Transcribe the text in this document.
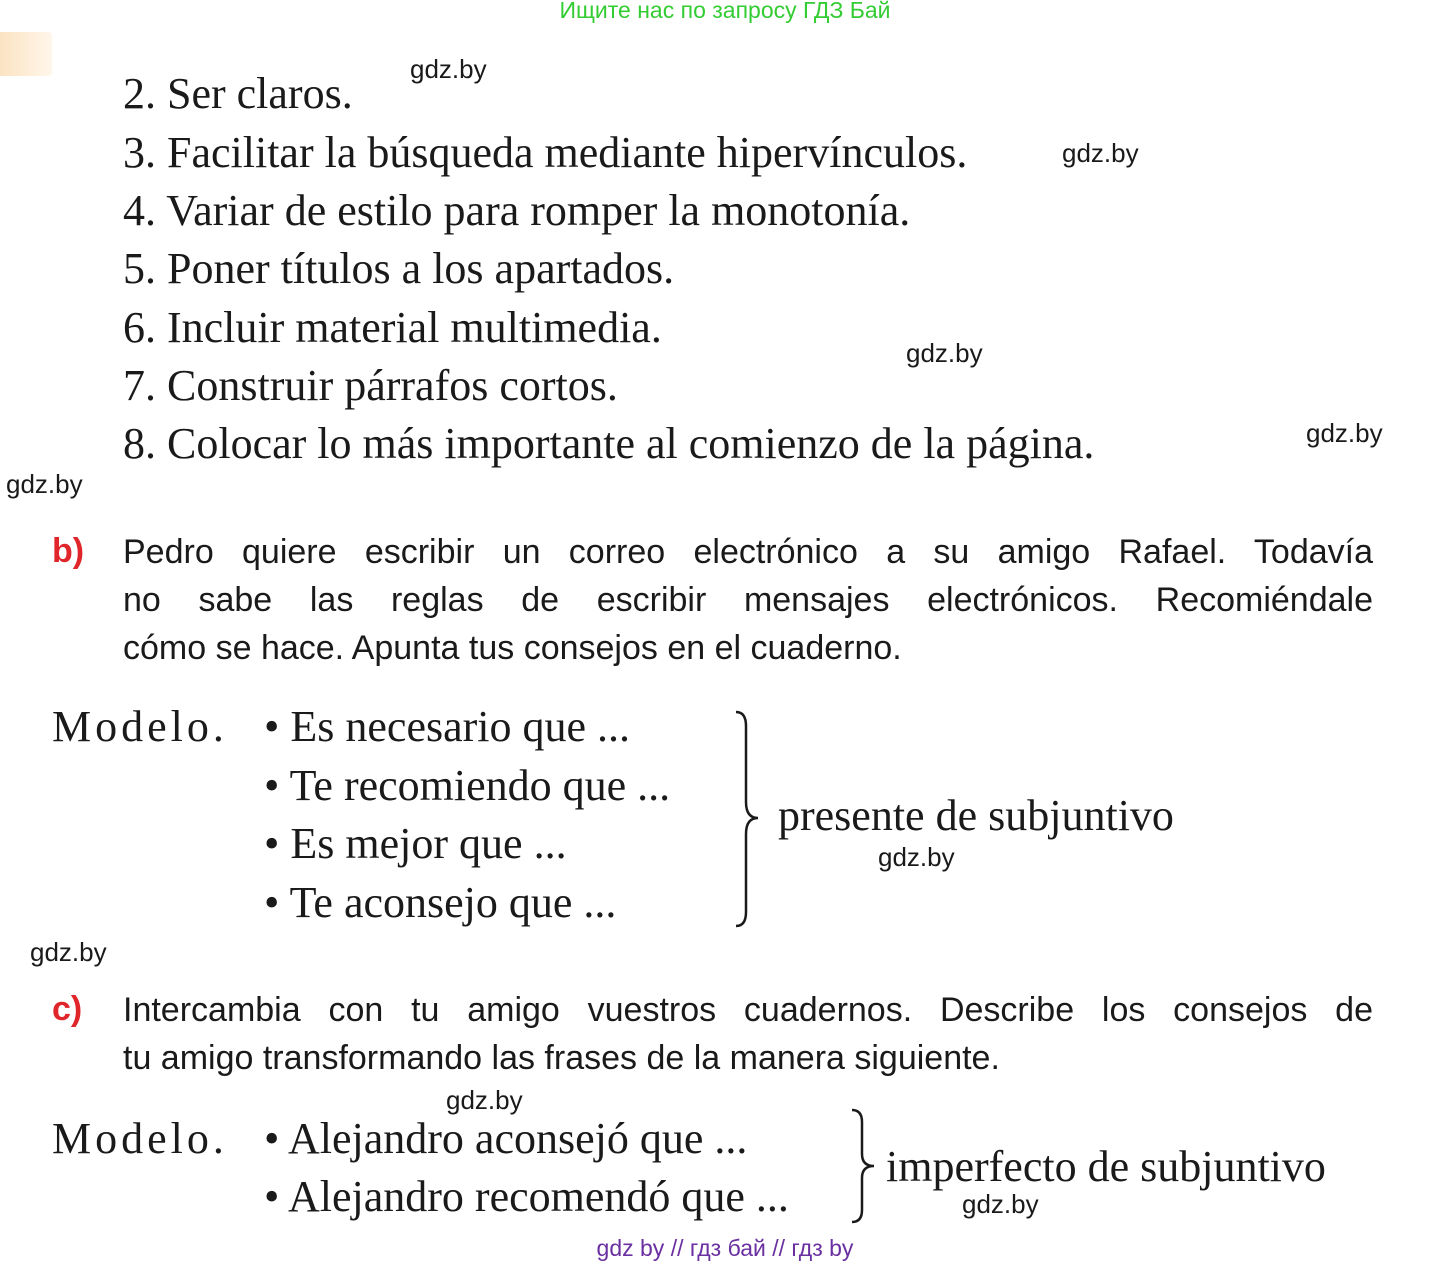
Ищите нас по запросу ГДЗ Бай
gdz.by
gdz.by
gdz.by
gdz.by
gdz.by
gdz.by
gdz.by
gdz.by
gdz.by
2. Ser claros.
3. Facilitar la búsqueda mediante hipervínculos.
4. Variar de estilo para romper la monotonía.
5. Poner títulos a los apartados.
6. Incluir material multimedia.
7. Construir párrafos cortos.
8. Colocar lo más importante al comienzo de la página.
b) Pedro quiere escribir un correo electrónico a su amigo Rafael. Todavía
no sabe las reglas de escribir mensajes electrónicos. Recomiéndale
cómo se hace. Apunta tus consejos en el cuaderno.
Modelo. • Es necesario que ...
• Te recomiendo que ...
• Es mejor que ...
• Te aconsejo que ...
presente de subjuntivo
c) Intercambia con tu amigo vuestros cuadernos. Describe los consejos de
tu amigo transformando las frases de la manera siguiente.
Modelo. • Alejandro aconsejó que ...
• Alejandro recomendó que ...
imperfecto de subjuntivo
gdz by // гдз бай // гдз by
